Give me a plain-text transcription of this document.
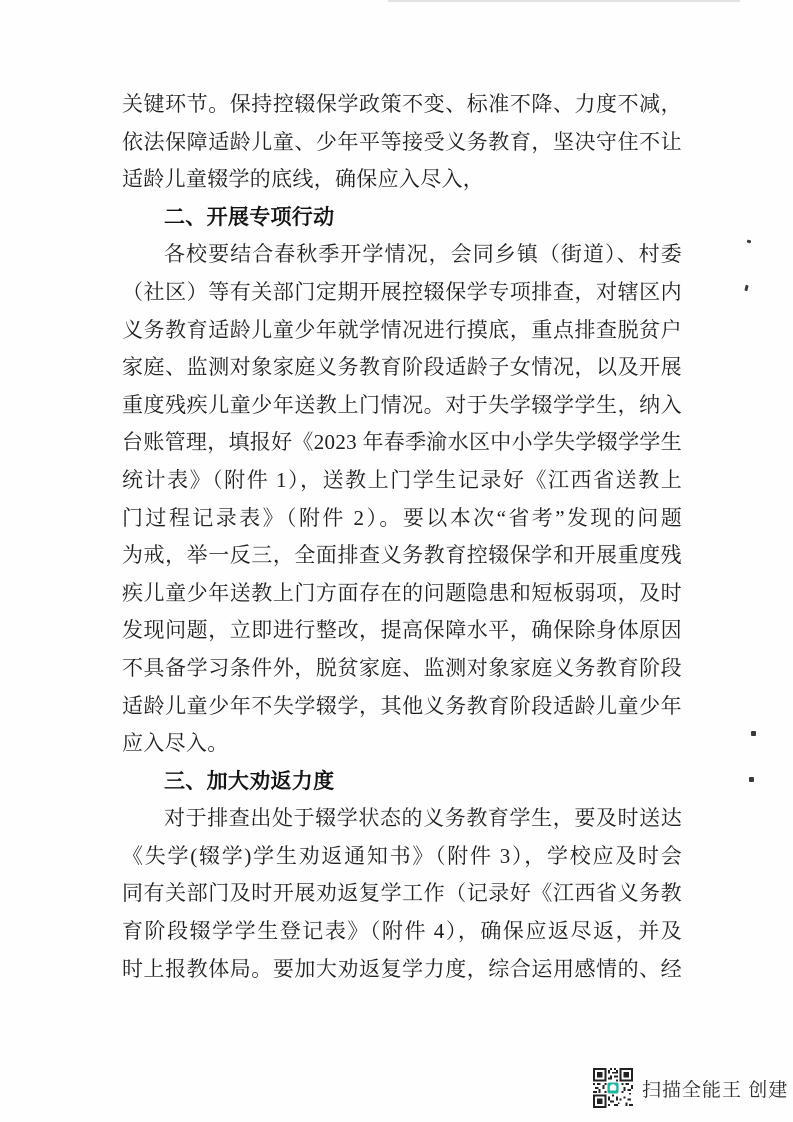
关键环节。保持控辍保学政策不变、标准不降、力度不减，
依法保障适龄儿童、少年平等接受义务教育，坚决守住不让
适龄儿童辍学的底线，确保应入尽入，
二、开展专项行动
各校要结合春秋季开学情况，会同乡镇（街道）、村委
（社区）等有关部门定期开展控辍保学专项排查，对辖区内
义务教育适龄儿童少年就学情况进行摸底，重点排查脱贫户
家庭、监测对象家庭义务教育阶段适龄子女情况，以及开展
重度残疾儿童少年送教上门情况。对于失学辍学学生，纳入
台账管理，填报好《2023 年春季渝水区中小学失学辍学学生
统计表》（附件 1），送教上门学生记录好《江西省送教上
门过程记录表》（附件 2）。要以本次“省考”发现的问题
为戒，举一反三，全面排查义务教育控辍保学和开展重度残
疾儿童少年送教上门方面存在的问题隐患和短板弱项，及时
发现问题，立即进行整改，提高保障水平，确保除身体原因
不具备学习条件外，脱贫家庭、监测对象家庭义务教育阶段
适龄儿童少年不失学辍学，其他义务教育阶段适龄儿童少年
应入尽入。
三、加大劝返力度
对于排查出处于辍学状态的义务教育学生，要及时送达
《失学(辍学)学生劝返通知书》（附件 3），学校应及时会
同有关部门及时开展劝返复学工作（记录好《江西省义务教
育阶段辍学学生登记表》（附件 4），确保应返尽返，并及
时上报教体局。要加大劝返复学力度，综合运用感情的、经
扫描全能王 创建
